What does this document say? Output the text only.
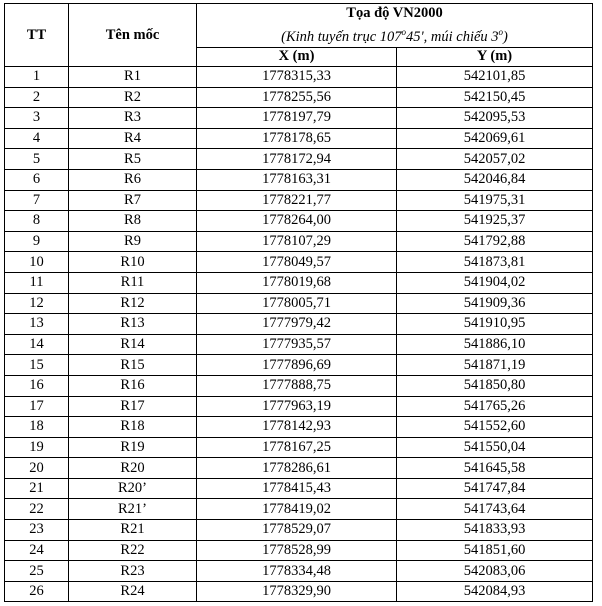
TT	Tên mốc	Tọa độ VN2000
(Kinh tuyến trục 107$^o$45', múi chiếu 3$^o$)	

		X (m)	Y (m)
1	R1	1778315,33	542101,85
2	R2	1778255,56	542150,45
3	R3	1778197,79	542095,53
4	R4	1778178,65	542069,61
5	R5	1778172,94	542057,02
6	R6	1778163,31	542046,84
7	R7	1778221,77	541975,31
8	R8	1778264,00	541925,37
9	R9	1778107,29	541792,88
10	R10	1778049,57	541873,81
11	R11	1778019,68	541904,02
12	R12	1778005,71	541909,36
13	R13	1777979,42	541910,95
14	R14	1777935,57	541886,10
15	R15	1777896,69	541871,19
16	R16	1777888,75	541850,80
17	R17	1777963,19	541765,26
18	R18	1778142,93	541552,60
19	R19	1778167,25	541550,04
20	R20	1778286,61	541645,58
21	R20’	1778415,43	541747,84
22	R21’	1778419,02	541743,64
23	R21	1778529,07	541833,93
24	R22	1778528,99	541851,60
25	R23	1778334,48	542083,06
26	R24	1778329,90	542084,93
